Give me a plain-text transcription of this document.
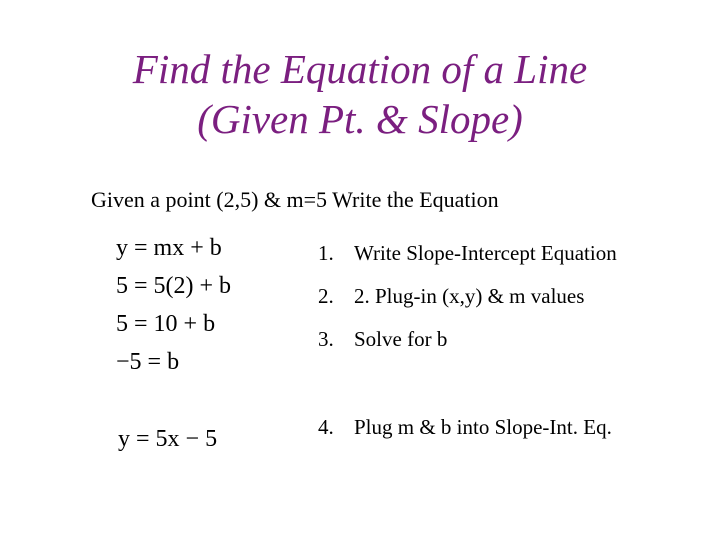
Find the Equation of a Line
(Given Pt. & Slope)
Given a point (2,5) & m=5 Write the Equation
y = mx + b
5 = 5(2) + b
5 = 10 + b
−5 = b
y = 5x − 5
1. Write Slope-Intercept Equation
2. 2. Plug-in (x,y) & m values
3. Solve for b
4. Plug m & b into Slope-Int. Eq.
